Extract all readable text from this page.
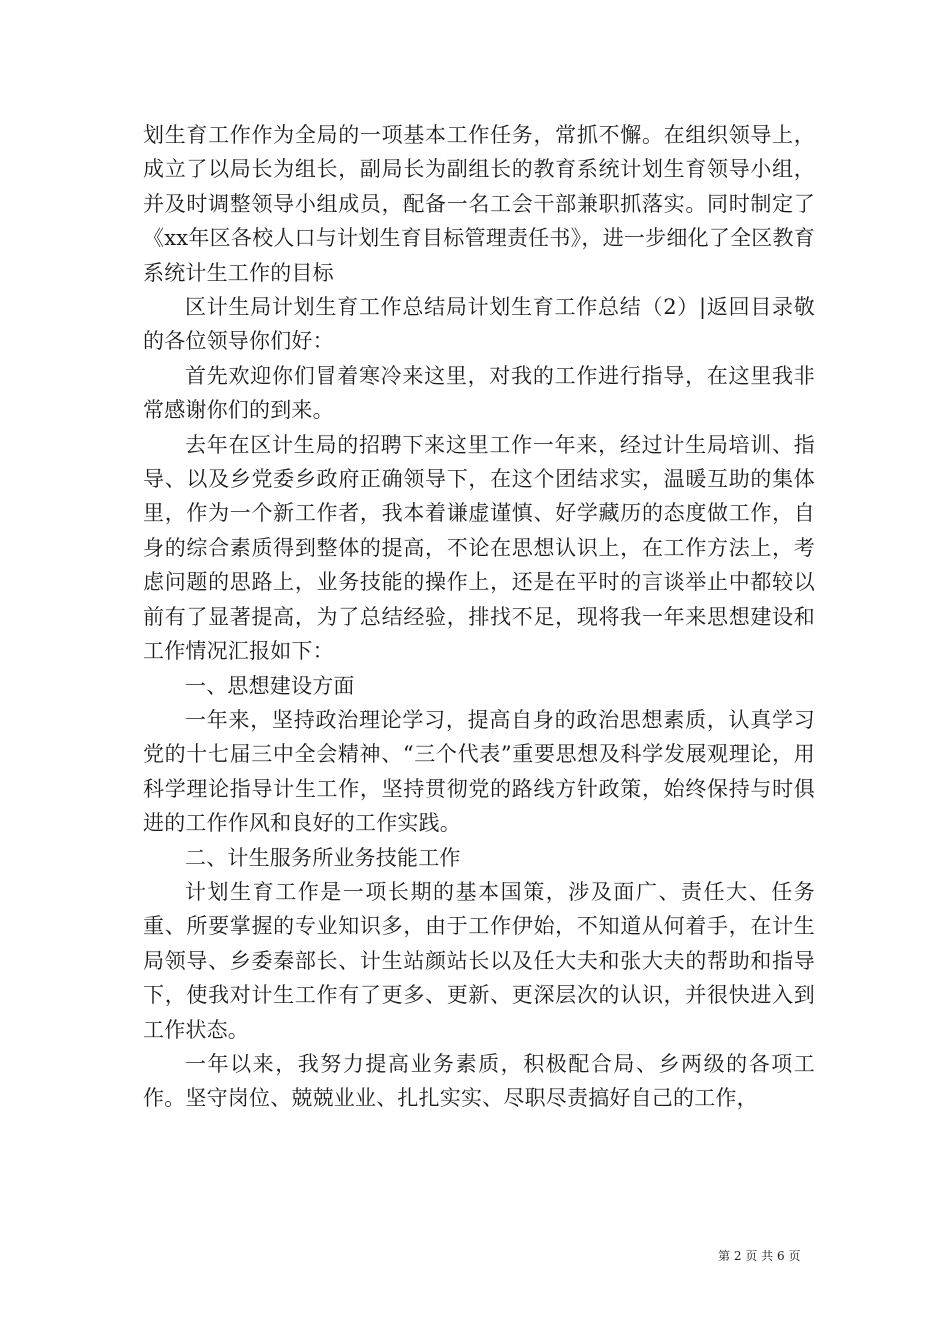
划生育工作作为全局的一项基本工作任务，常抓不懈。在组织领导上，成立了以局长为组长，副局长为副组长的教育系统计划生育领导小组，并及时调整领导小组成员，配备一名工会干部兼职抓落实。同时制定了《xx年区各校人口与计划生育目标管理责任书》，进一步细化了全区教育系统计生工作的目标

区计生局计划生育工作总结局计划生育工作总结（2）|返回目录敬的各位领导你们好：

首先欢迎你们冒着寒冷来这里，对我的工作进行指导，在这里我非常感谢你们的到来。

去年在区计生局的招聘下来这里工作一年来，经过计生局培训、指导、以及乡党委乡政府正确领导下，在这个团结求实，温暖互助的集体里，作为一个新工作者，我本着谦虚谨慎、好学藏历的态度做工作，自身的综合素质得到整体的提高，不论在思想认识上，在工作方法上，考虑问题的思路上，业务技能的操作上，还是在平时的言谈举止中都较以前有了显著提高，为了总结经验，排找不足，现将我一年来思想建设和工作情况汇报如下：

一、思想建设方面

一年来，坚持政治理论学习，提高自身的政治思想素质，认真学习党的十七届三中全会精神、“三个代表”重要思想及科学发展观理论，用科学理论指导计生工作，坚持贯彻党的路线方针政策，始终保持与时俱进的工作作风和良好的工作实践。

二、计生服务所业务技能工作

计划生育工作是一项长期的基本国策，涉及面广、责任大、任务重、所要掌握的专业知识多，由于工作伊始，不知道从何着手，在计生局领导、乡委秦部长、计生站颜站长以及任大夫和张大夫的帮助和指导下，使我对计生工作有了更多、更新、更深层次的认识，并很快进入到工作状态。

一年以来，我努力提高业务素质，积极配合局、乡两级的各项工作。坚守岗位、兢兢业业、扎扎实实、尽职尽责搞好自己的工作，

第 2 页 共 6 页
